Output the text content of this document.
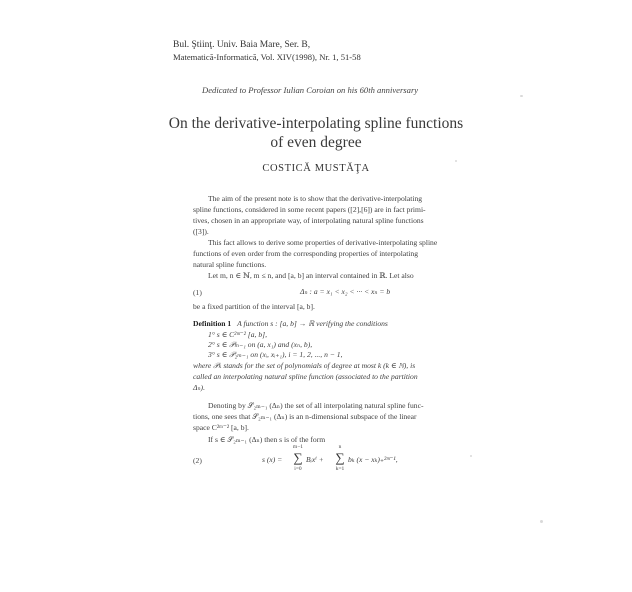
Bul. Ştiinţ. Univ. Baia Mare, Ser. B,
Matematică-Informatică, Vol. XIV(1998), Nr. 1, 51-58
Dedicated to Professor Iulian Coroian on his 60th anniversary
On the derivative-interpolating spline functions
of even degree
COSTICĂ MUSTĂŢA
The aim of the present note is to show that the derivative-interpolating
spline functions, considered in some recent papers ([2],[6]) are in fact primi-
tives, chosen in an appropriate way, of interpolating natural spline functions
([3]).
This fact allows to derive some properties of derivative-interpolating spline
functions of even order from the corresponding properties of interpolating
natural spline functions.
Let m, n ∈ ℕ, m ≤ n, and [a, b] an interval contained in ℝ. Let also
(1)	Δₙ : a = x₁ < x₂ < ··· < xₙ = b
be a fixed partition of the interval [a, b].
Definition 1 A function s : [a, b] → ℝ verifying the conditions
1° s ∈ C²ᵐ⁻² [a, b],
2° s ∈ 𝒫ₘ₋₁ on (a, x₁) and (xₙ, b),
3° s ∈ 𝒫₂ₘ₋₁ on (xᵢ, xᵢ₊₁), i = 1, 2, ..., n − 1,
where 𝒫ₖ stands for the set of polynomials of degree at most k (k ∈ ℕ), is
called an interpolating natural spline function (associated to the partition
Δₙ).
Denoting by 𝒮₂ₘ₋₁ (Δₙ) the set of all interpolating natural spline func-
tions, one sees that 𝒮₂ₘ₋₁ (Δₙ) is an n-dimensional subspace of the linear
space C²ᵐ⁻² [a, b].
If s ∈ 𝒮₂ₘ₋₁ (Δₙ) then s is of the form
(2)	s (x) =
m−1
∑
i=0
Bᵢxⁱ +
n
∑
k=1
bₖ (x − xₖ)₊²ᵐ⁻¹,
